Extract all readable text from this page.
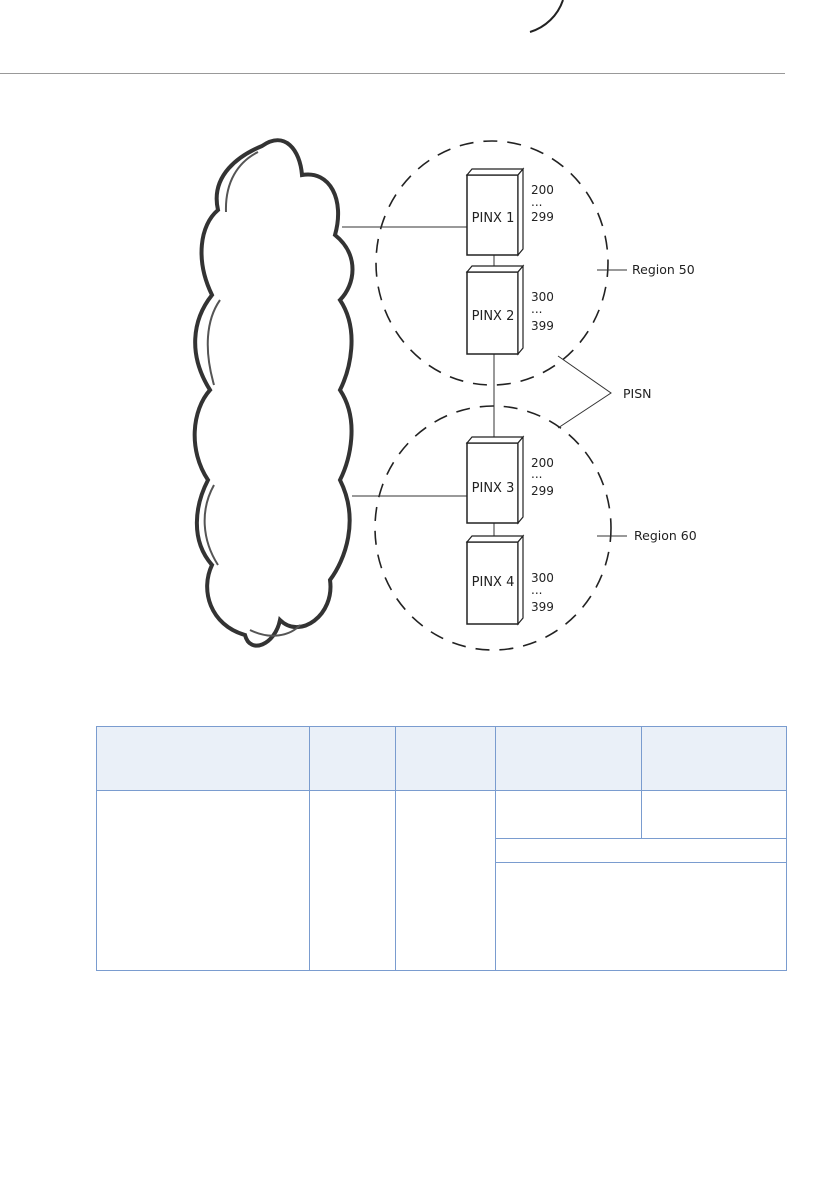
PINX 1
PINX 2
PINX 3
PINX 4
200
...
299
300
...
399
200
...
299
300
...
399
Region 50
Region 60
PISN
